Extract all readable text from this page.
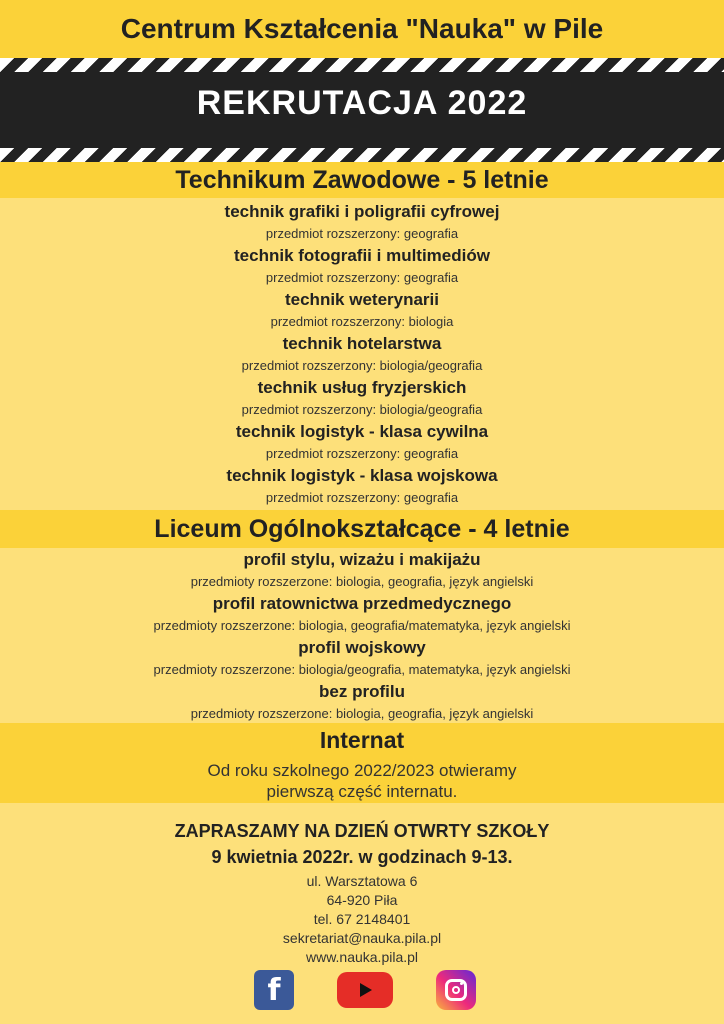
Centrum Kształcenia "Nauka" w Pile
REKRUTACJA 2022
Technikum Zawodowe - 5 letnie
technik grafiki i poligrafii cyfrowej
przedmiot rozszerzony: geografia
technik fotografii i multimediów
przedmiot rozszerzony: geografia
technik weterynarii
przedmiot rozszerzony: biologia
technik hotelarstwa
przedmiot rozszerzony: biologia/geografia
technik usług fryzjerskich
przedmiot rozszerzony: biologia/geografia
technik logistyk - klasa cywilna
przedmiot rozszerzony: geografia
technik logistyk - klasa wojskowa
przedmiot rozszerzony: geografia
Liceum Ogólnokształcące - 4 letnie
profil stylu, wizażu i makijażu
przedmioty rozszerzone: biologia, geografia, język angielski
profil ratownictwa przedmedycznego
przedmioty rozszerzone: biologia, geografia/matematyka, język angielski
profil wojskowy
przedmioty rozszerzone: biologia/geografia, matematyka, język angielski
bez profilu
przedmioty rozszerzone: biologia, geografia, język angielski
Internat
Od roku szkolnego 2022/2023 otwieramy
pierwszą część internatu.
ZAPRASZAMY NA DZIEŃ OTWRTY SZKOŁY
9 kwietnia 2022r. w godzinach 9-13.
ul. Warsztatowa 6
64-920 Piła
tel. 67 2148401
sekretariat@nauka.pila.pl
www.nauka.pila.pl
f
